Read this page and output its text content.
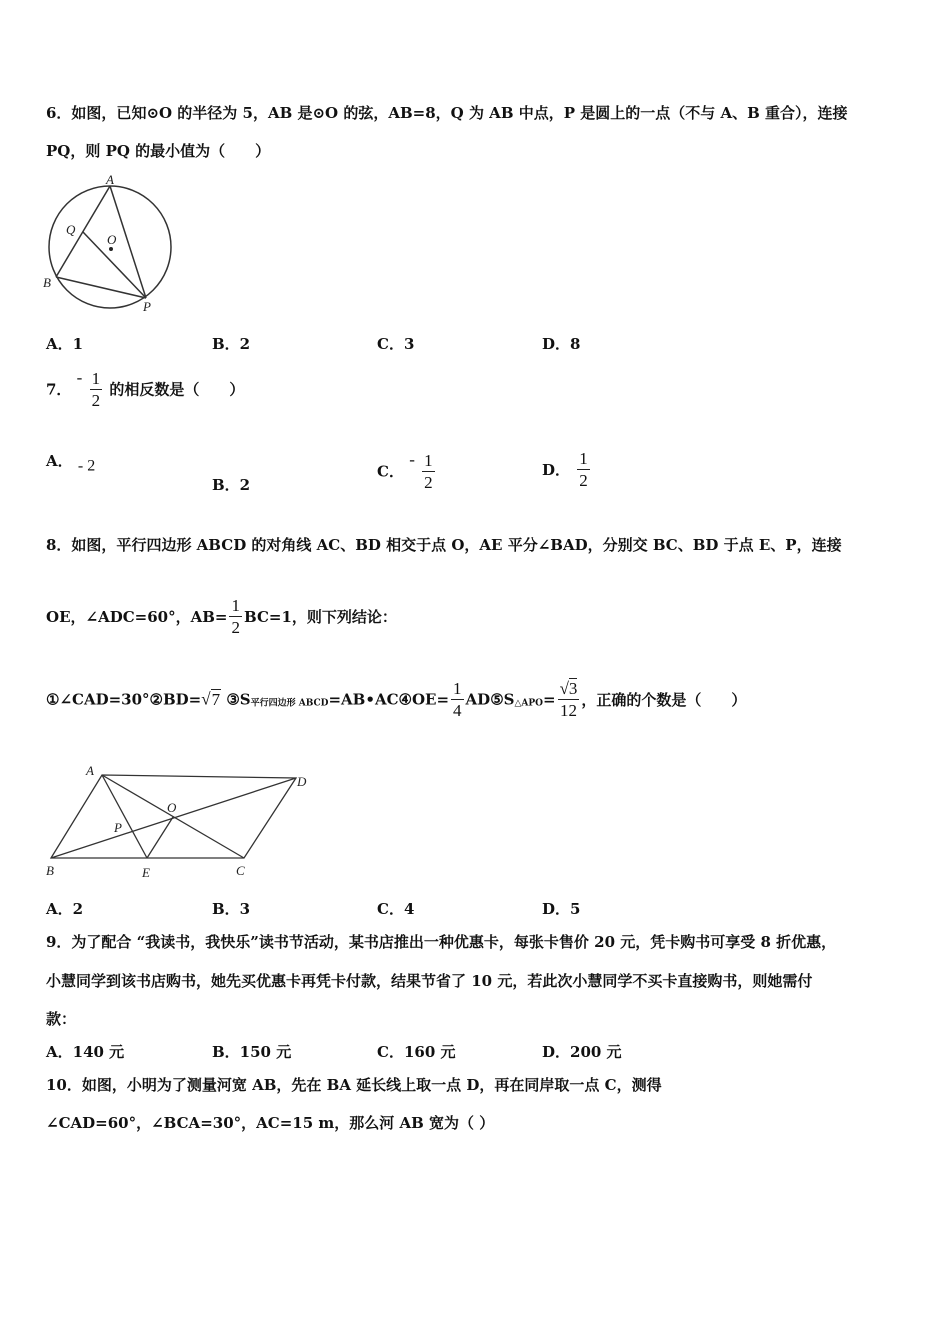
6．如图，已知⊙O 的半径为 5，AB 是⊙O 的弦，AB=8，Q 为 AB 中点，P 是圆上的一点（不与 A、B 重合），连接
PQ，则 PQ 的最小值为（　　）
A
Q
O
B
P
A．1	B．2	C．3	D．8
7． - $\frac{1}{2}$ 的相反数是（　　）
A． - 2
B．2
C． - $\frac{1}{2}$	D． $\frac{1}{2}$
8．如图，平行四边形 ABCD 的对角线 AC、BD 相交于点 O，AE 平分∠BAD，分别交 BC、BD 于点 E、P，连接
OE，∠ADC=60°，$AB= \frac{1}{2} BC=1$，则下列结论：
①∠CAD=30°②BD=√7 $③S_{平行四边形 ABCD}=AB•AC④OE= \frac{1}{4}$ $AD⑤S_{\triangle APO}= \frac{√3}{12}$ ，正确的个数是（　　）
A
D
O
P
B	E	C
A．2	B．3	C．4	D．5
9．为了配合 “我读书，我快乐”读书节活动，某书店推出一种优惠卡，每张卡售价 20 元，凭卡购书可享受 8 折优惠，
小慧同学到该书店购书，她先买优惠卡再凭卡付款，结果节省了 10 元，若此次小慧同学不买卡直接购书，则她需付
款：
A．140 元	B．150 元	C．160 元	D．200 元
10．如图，小明为了测量河宽 AB，先在 BA 延长线上取一点 D，再在同岸取一点 C，测得
∠CAD=60°，∠BCA=30°，AC=15 m，那么河 AB 宽为（ ）
